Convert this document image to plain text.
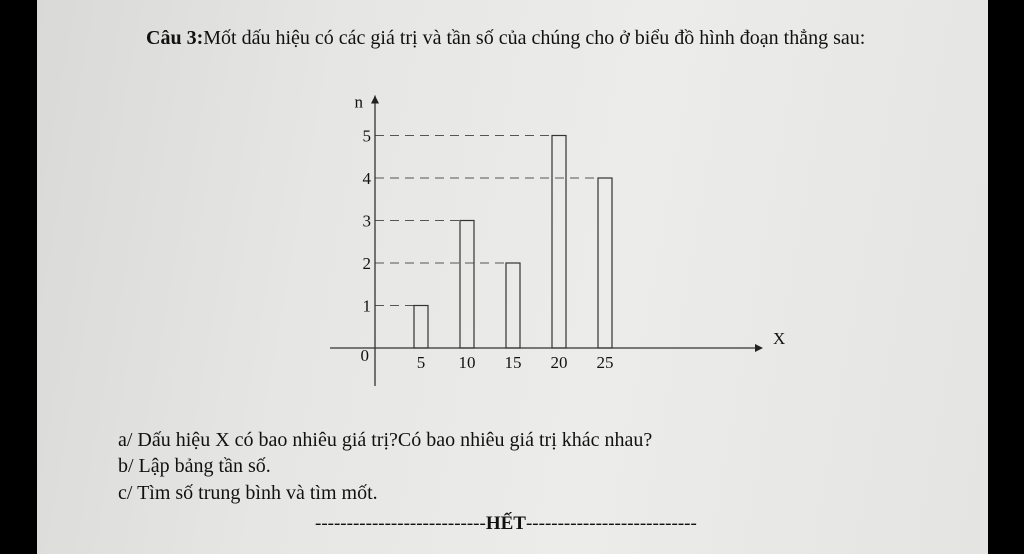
Câu 3:Mốt dấu hiệu có các giá trị và tần số của chúng cho ở biểu đồ hình đoạn thẳng sau:
n
X
0
1
2
3
4
5
5 10 15 20 25
a/ Dấu hiệu X có bao nhiêu giá trị?Có bao nhiêu giá trị khác nhau?
b/ Lập bảng tần số.
c/ Tìm số trung bình và tìm mốt.
---------------------------HẾT---------------------------
